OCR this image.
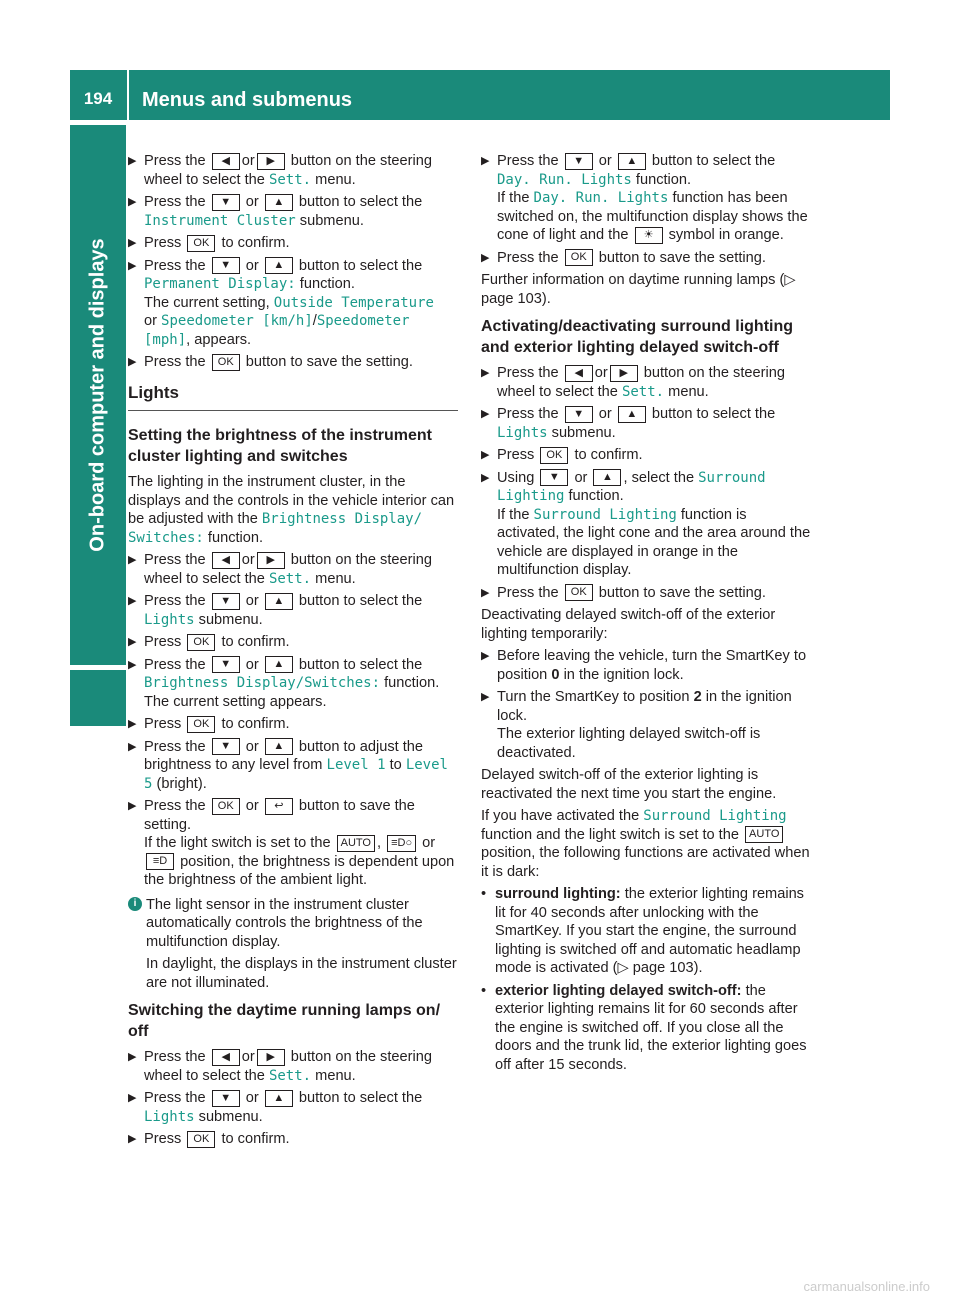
194	Menus and submenus
On-board computer and displays
▶ Press the ◀ or ▶ button on the steering wheel to select the Sett. menu.
▶ Press the ▼ or ▲ button to select the Instrument Cluster submenu.
▶ Press OK to confirm.
▶ Press the ▼ or ▲ button to select the Permanent Display: function.
The current setting, Outside Temperature
or Speedometer [km/h]/Speedometer [mph], appears.
▶ Press the OK button to save the setting.
Lights
Setting the brightness of the instrument cluster lighting and switches
The lighting in the instrument cluster, in the displays and the controls in the vehicle interior can be adjusted with the Brightness Display/ Switches: function.
▶ Press the ◀ or ▶ button on the steering wheel to select the Sett. menu.
▶ Press the ▼ or ▲ button to select the Lights submenu.
▶ Press OK to confirm.
▶ Press the ▼ or ▲ button to select the Brightness Display/Switches: function.
The current setting appears.
▶ Press OK to confirm.
▶ Press the ▼ or ▲ button to adjust the brightness to any level from Level 1 to Level 5 (bright).
▶ Press the OK or ↩ button to save the setting.
If the light switch is set to the AUTO , ≡D○ or ≡D position, the brightness is dependent upon the brightness of the ambient light.
i The light sensor in the instrument cluster automatically controls the brightness of the multifunction display.
In daylight, the displays in the instrument cluster are not illuminated.
Switching the daytime running lamps on/ off
▶ Press the ◀ or ▶ button on the steering wheel to select the Sett. menu.
▶ Press the ▼ or ▲ button to select the Lights submenu.
▶ Press OK to confirm.
▶ Press the ▼ or ▲ button to select the Day. Run. Lights function.
If the Day. Run. Lights function has been switched on, the multifunction display shows the cone of light and the ☀ symbol in orange.
▶ Press the OK button to save the setting.
Further information on daytime running lamps (▷ page 103).
Activating/deactivating surround lighting and exterior lighting delayed switch-off
▶ Press the ◀ or ▶ button on the steering wheel to select the Sett. menu.
▶ Press the ▼ or ▲ button to select the Lights submenu.
▶ Press OK to confirm.
▶ Using ▼ or ▲ , select the Surround Lighting function.
If the Surround Lighting function is activated, the light cone and the area around the vehicle are displayed in orange in the multifunction display.
▶ Press the OK button to save the setting.
Deactivating delayed switch-off of the exterior lighting temporarily:
▶ Before leaving the vehicle, turn the SmartKey to position 0 in the ignition lock.
▶ Turn the SmartKey to position 2 in the ignition lock.
The exterior lighting delayed switch-off is deactivated.
Delayed switch-off of the exterior lighting is reactivated the next time you start the engine.
If you have activated the Surround Lighting function and the light switch is set to the AUTO position, the following functions are activated when it is dark:
• surround lighting: the exterior lighting remains lit for 40 seconds after unlocking with the SmartKey. If you start the engine, the surround lighting is switched off and automatic headlamp mode is activated (▷ page 103).
• exterior lighting delayed switch-off: the exterior lighting remains lit for 60 seconds after the engine is switched off. If you close all the doors and the trunk lid, the exterior lighting goes off after 15 seconds.
carmanualsonline.info
